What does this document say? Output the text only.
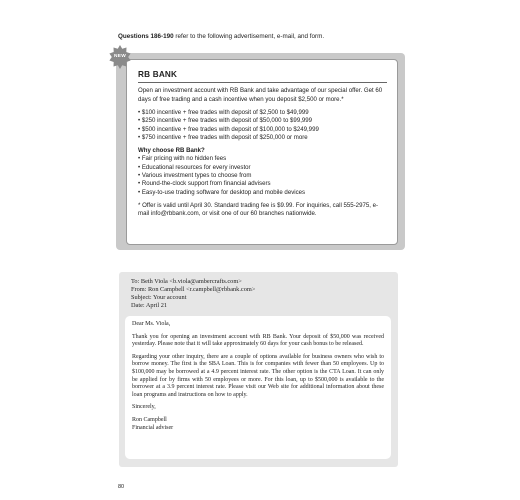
Questions 186-190 refer to the following advertisement, e-mail, and form.
RB BANK

Open an investment account with RB Bank and take advantage of our special offer. Get 60 days of free trading and a cash incentive when you deposit $2,500 or more.*

• $100 incentive + free trades with deposit of $2,500 to $49,999
• $250 incentive + free trades with deposit of $50,000 to $99,999
• $500 incentive + free trades with deposit of $100,000 to $249,999
• $750 incentive + free trades with deposit of $250,000 or more
Why choose RB Bank?
• Fair pricing with no hidden fees
• Educational resources for every investor
• Various investment types to choose from
• Round-the-clock support from financial advisers
• Easy-to-use trading software for desktop and mobile devices

* Offer is valid until April 30. Standard trading fee is $9.99. For inquiries, call 555-2975, e-mail info@rbbank.com, or visit one of our 60 branches nationwide.

NEW
To: Beth Viola <b.viola@ambercrafts.com>
From: Ron Campbell <r.campbell@rbbank.com>
Subject: Your account
Date: April 21

Dear Ms. Viola,

Thank you for opening an investment account with RB Bank. Your deposit of $50,000 was received yesterday. Please note that it will take approximately 60 days for your cash bonus to be released.

Regarding your other inquiry, there are a couple of options available for business owners who wish to borrow money. The first is the SBA Loan. This is for companies with fewer than 50 employees. Up to $100,000 may be borrowed at a 4.9 percent interest rate. The other option is the CTA Loan. It can only be applied for by firms with 50 employees or more. For this loan, up to $500,000 is available to the borrower at a 3.9 percent interest rate. Please visit our Web site for additional information about these loan programs and instructions on how to apply.

Sincerely,

Ron Campbell

Financial adviser

80
